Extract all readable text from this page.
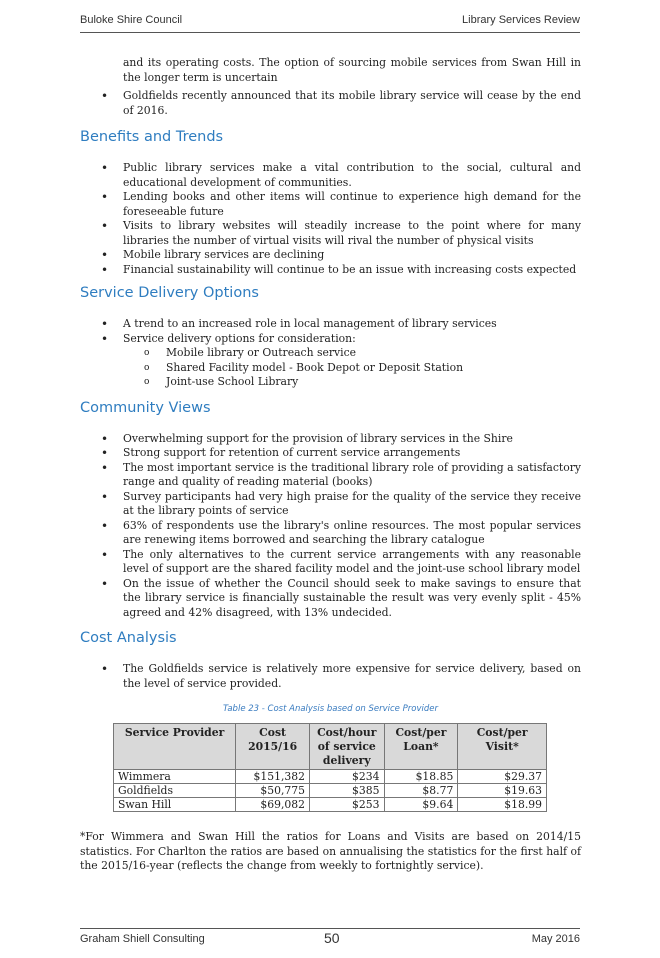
Buloke Shire Council	Library Services Review

and its operating costs. The option of sourcing mobile services from Swan Hill in the longer term is uncertain

• Goldfields recently announced that its mobile library service will cease by the end of 2016.
Benefits and Trends
• Public library services make a vital contribution to the social, cultural and educational development of communities.
• Lending books and other items will continue to experience high demand for the foreseeable future
• Visits to library websites will steadily increase to the point where for many libraries the number of virtual visits will rival the number of physical visits
• Mobile library services are declining
• Financial sustainability will continue to be an issue with increasing costs expected
Service Delivery Options
• A trend to an increased role in local management of library services
• Service delivery options for consideration:
o Mobile library or Outreach service
o Shared Facility model - Book Depot or Deposit Station
o Joint-use School Library
Community Views
• Overwhelming support for the provision of library services in the Shire
• Strong support for retention of current service arrangements
• The most important service is the traditional library role of providing a satisfactory range and quality of reading material (books)
• Survey participants had very high praise for the quality of the service they receive at the library points of service
• 63% of respondents use the library's online resources. The most popular services are renewing items borrowed and searching the library catalogue
• The only alternatives to the current service arrangements with any reasonable level of support are the shared facility model and the joint-use school library model
• On the issue of whether the Council should seek to make savings to ensure that the library service is financially sustainable the result was very evenly split - 45% agreed and 42% disagreed, with 13% undecided.
Cost Analysis
• The Goldfields service is relatively more expensive for service delivery, based on the level of service provided.
Table 23 - Cost Analysis based on Service Provider
Service Provider	Cost 2015/16	Cost/hour of service delivery	Cost/per Loan*	Cost/per Visit*
Wimmera	$151,382	$234	$18.85	$29.37
Goldfields	$50,775	$385	$8.77	$19.63
Swan Hill	$69,082	$253	$9.64	$18.99

*For Wimmera and Swan Hill the ratios for Loans and Visits are based on 2014/15 statistics. For Charlton the ratios are based on annualising the statistics for the first half of the 2015/16-year (reflects the change from weekly to fortnightly service).

Graham Shiell Consulting	50	May 2016
